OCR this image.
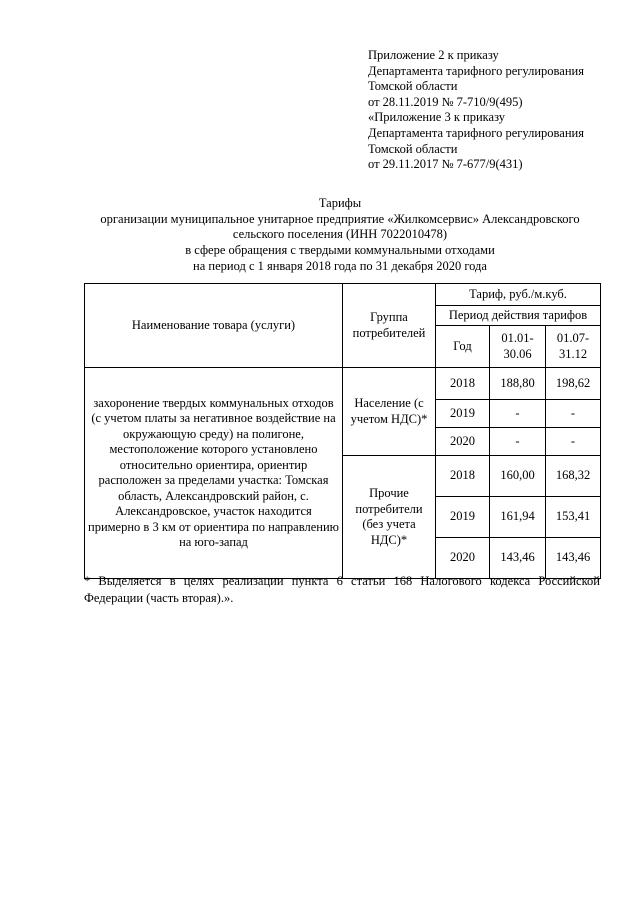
Приложение 2 к приказу
Департамента тарифного регулирования
Томской области
от 28.11.2019 № 7-710/9(495)
«Приложение 3 к приказу
Департамента тарифного регулирования
Томской области
от 29.11.2017 № 7-677/9(431)
Тарифы
организации муниципальное унитарное предприятие «Жилкомсервис» Александровского
сельского поселения (ИНН 7022010478)
в сфере обращения с твердыми коммунальными отходами
на период с 1 января 2018 года по 31 декабря 2020 года
Наименование товара (услуги)	Группа потребителей	Тариф, руб./м.куб.		
		Период действия тарифов		
		Год	01.01-30.06	01.07-31.12
захоронение твердых коммунальных отходов (с учетом платы за негативное воздействие на окружающую среду) на полигоне, местоположение которого установлено относительно ориентира, ориентир расположен за пределами участка: Томская область, Александровский район, с. Александровское, участок находится примерно в 3 км от ориентира по направлению на юго-запад	Население (с учетом НДС)*	2018	188,80	198,62
		2019	-	-
		2020	-	-
	Прочие потребители (без учета НДС)*	2018	160,00	168,32
		2019	161,94	153,41
		2020	143,46	143,46
* Выделяется в целях реализации пункта 6 статьи 168 Налогового кодекса Российской Федерации (часть вторая).».
